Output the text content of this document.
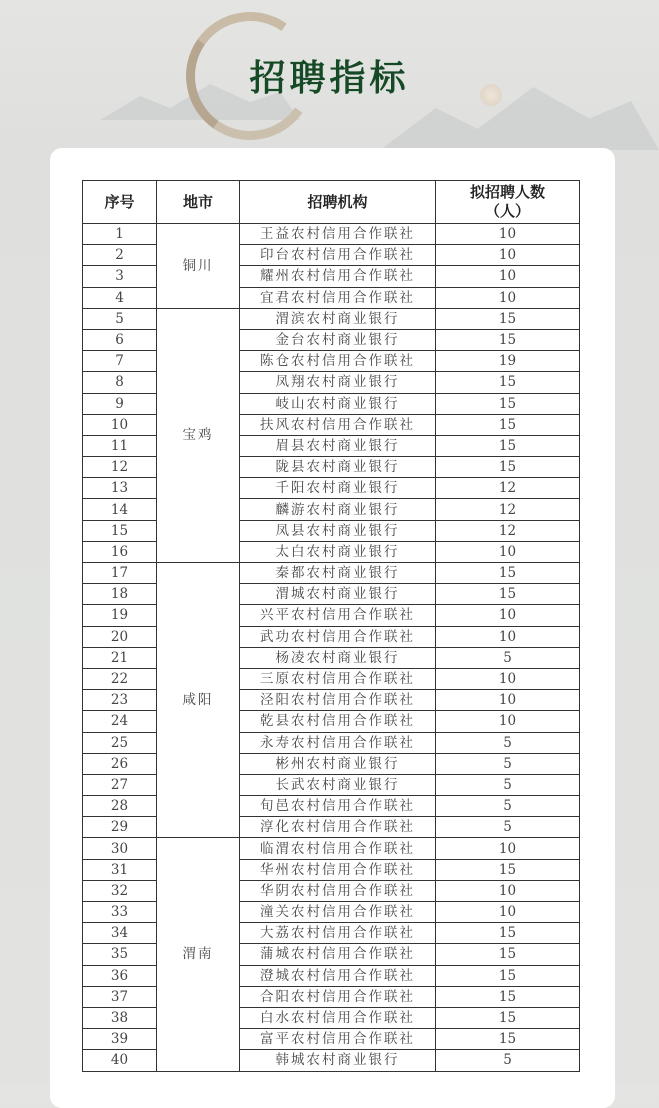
招聘指标
序号	地市	招聘机构	拟招聘人数（人）
1	铜川	王益农村信用合作联社	10
2		印台农村信用合作联社	10
3		耀州农村信用合作联社	10
4		宜君农村信用合作联社	10
5	宝鸡	渭滨农村商业银行	15
6		金台农村商业银行	15
7		陈仓农村信用合作联社	19
8		凤翔农村商业银行	15
9		岐山农村商业银行	15
10		扶风农村信用合作联社	15
11		眉县农村商业银行	15
12		陇县农村商业银行	15
13		千阳农村商业银行	12
14		麟游农村商业银行	12
15		凤县农村商业银行	12
16		太白农村商业银行	10
17	咸阳	秦都农村商业银行	15
18		渭城农村商业银行	15
19		兴平农村信用合作联社	10
20		武功农村信用合作联社	10
21		杨凌农村商业银行	5
22		三原农村信用合作联社	10
23		泾阳农村信用合作联社	10
24		乾县农村信用合作联社	10
25		永寿农村信用合作联社	5
26		彬州农村商业银行	5
27		长武农村商业银行	5
28		旬邑农村信用合作联社	5
29		淳化农村信用合作联社	5
30	渭南	临渭农村信用合作联社	10
31		华州农村信用合作联社	15
32		华阴农村信用合作联社	10
33		潼关农村信用合作联社	10
34		大荔农村信用合作联社	15
35		蒲城农村信用合作联社	15
36		澄城农村信用合作联社	15
37		合阳农村信用合作联社	15
38		白水农村信用合作联社	15
39		富平农村信用合作联社	15
40		韩城农村商业银行	5
